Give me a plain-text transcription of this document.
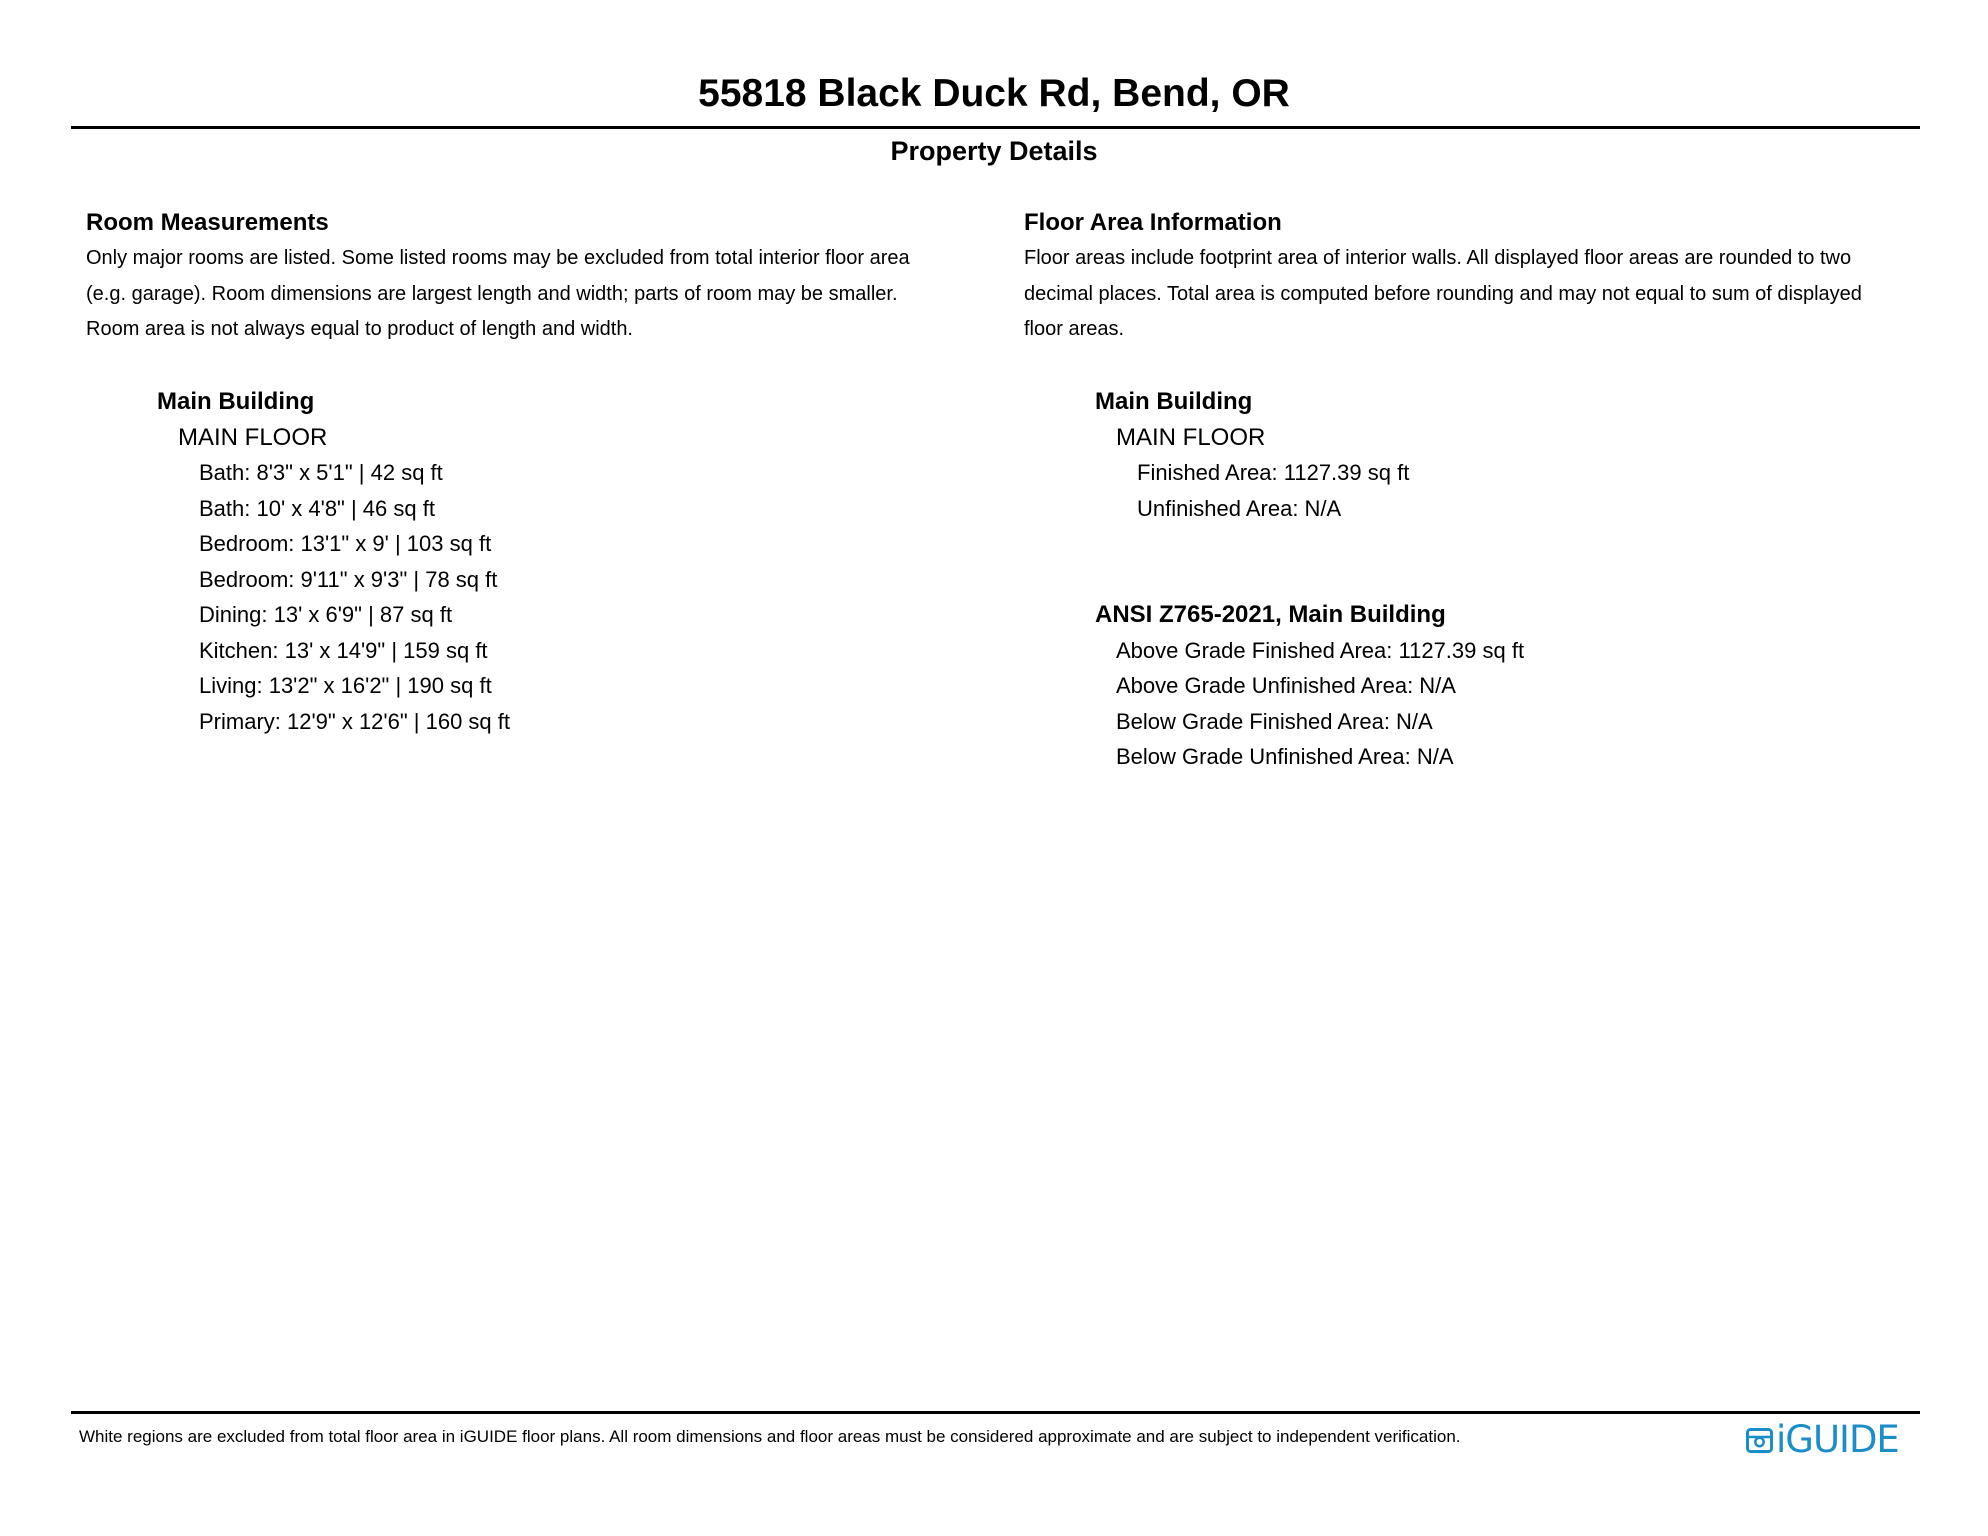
55818 Black Duck Rd, Bend, OR
Property Details
Room Measurements

Only major rooms are listed. Some listed rooms may be excluded from total interior floor area
(e.g. garage). Room dimensions are largest length and width; parts of room may be smaller.
Room area is not always equal to product of length and width.

Main Building
MAIN FLOOR
Bath: 8'3" x 5'1" | 42 sq ft
Bath: 10' x 4'8" | 46 sq ft
Bedroom: 13'1" x 9' | 103 sq ft
Bedroom: 9'11" x 9'3" | 78 sq ft
Dining: 13' x 6'9" | 87 sq ft
Kitchen: 13' x 14'9" | 159 sq ft
Living: 13'2" x 16'2" | 190 sq ft
Primary: 12'9" x 12'6" | 160 sq ft
Floor Area Information

Floor areas include footprint area of interior walls. All displayed floor areas are rounded to two
decimal places. Total area is computed before rounding and may not equal to sum of displayed
floor areas.

Main Building
MAIN FLOOR
Finished Area: 1127.39 sq ft
Unfinished Area: N/A
ANSI Z765-2021, Main Building
Above Grade Finished Area: 1127.39 sq ft
Above Grade Unfinished Area: N/A
Below Grade Finished Area: N/A
Below Grade Unfinished Area: N/A
White regions are excluded from total floor area in iGUIDE floor plans. All room dimensions and floor areas must be considered approximate and are subject to independent verification.	iGUIDE
